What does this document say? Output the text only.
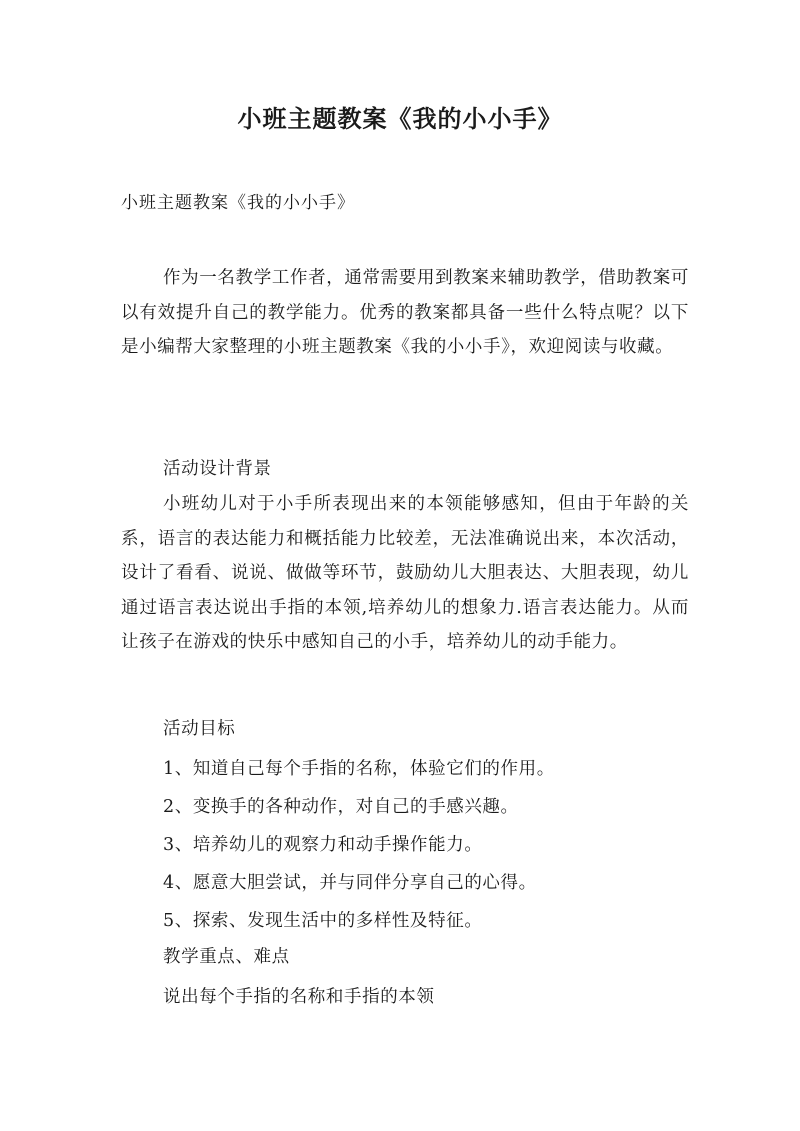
小班主题教案《我的小小手》
小班主题教案《我的小小手》

作为一名教学工作者，通常需要用到教案来辅助教学，借助教案可以有效提升自己的教学能力。优秀的教案都具备一些什么特点呢？以下是小编帮大家整理的小班主题教案《我的小小手》，欢迎阅读与收藏。

活动设计背景

小班幼儿对于小手所表现出来的本领能够感知，但由于年龄的关系，语言的表达能力和概括能力比较差，无法准确说出来，本次活动，设计了看看、说说、做做等环节，鼓励幼儿大胆表达、大胆表现，幼儿通过语言表达说出手指的本领,培养幼儿的想象力.语言表达能力。从而让孩子在游戏的快乐中感知自己的小手，培养幼儿的动手能力。

活动目标
1、知道自己每个手指的名称，体验它们的作用。
2、变换手的各种动作，对自己的手感兴趣。
3、培养幼儿的观察力和动手操作能力。
4、愿意大胆尝试，并与同伴分享自己的心得。
5、探索、发现生活中的多样性及特征。
教学重点、难点
说出每个手指的名称和手指的本领
